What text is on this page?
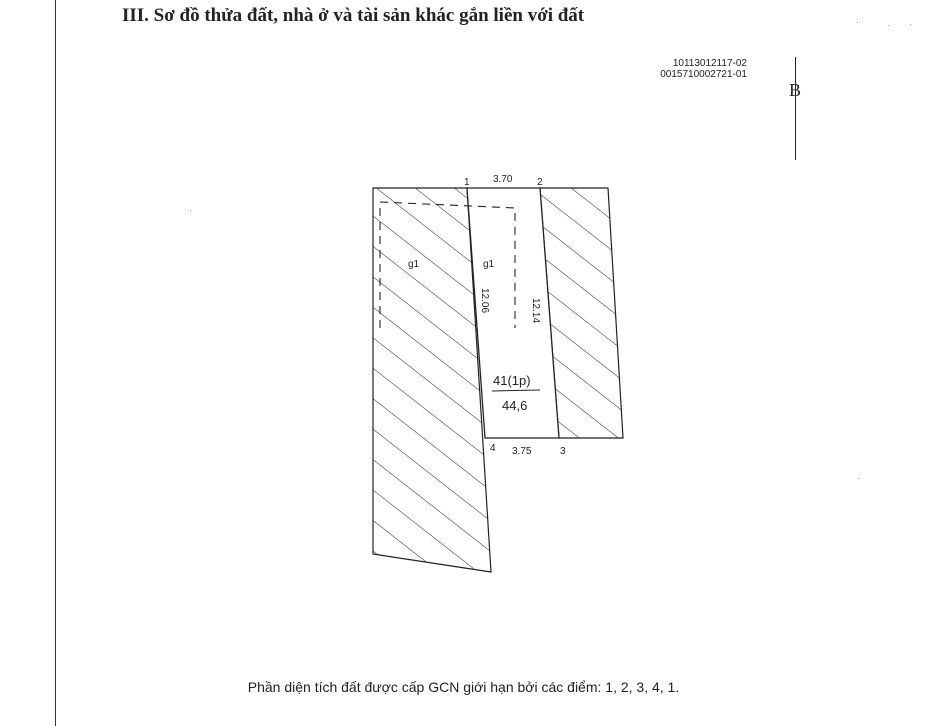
III. Sơ đồ thửa đất, nhà ở và tài sản khác gắn liền với đất
10113012117-02
0015710002721-01
B
1	2
3
4
3.70
3.75
12.06	12.14
g1	g1
41(1p)
44,6
Phần diện tích đất được cấp GCN giới hạn bởi các điểm: 1, 2, 3, 4, 1.
